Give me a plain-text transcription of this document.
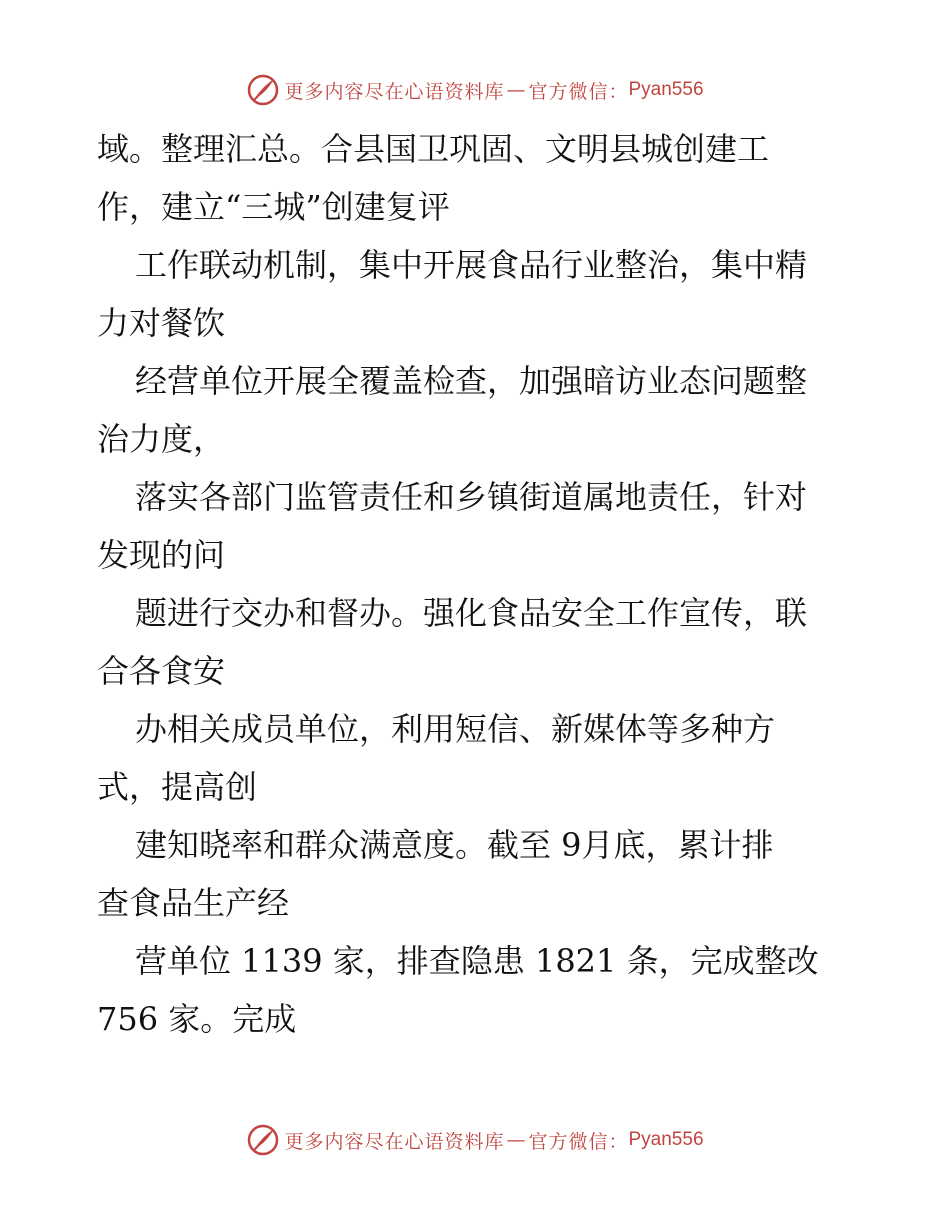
更多内容尽在心语资料库 — 官方微信： Pyan556
域。整理汇总。合县国卫巩固、文明县城创建工
作，建立“三城”创建复评
工作联动机制，集中开展食品行业整治，集中精
力对餐饮
经营单位开展全覆盖检查，加强暗访业态问题整
治力度，
落实各部门监管责任和乡镇街道属地责任，针对
发现的问
题进行交办和督办。强化食品安全工作宣传，联
合各食安
办相关成员单位，利用短信、新媒体等多种方
式，提高创
建知晓率和群众满意度。截至 9月底，累计排
查食品生产经
营单位 1139 家，排查隐患 1821 条，完成整改
756 家。完成
更多内容尽在心语资料库 — 官方微信： Pyan556
